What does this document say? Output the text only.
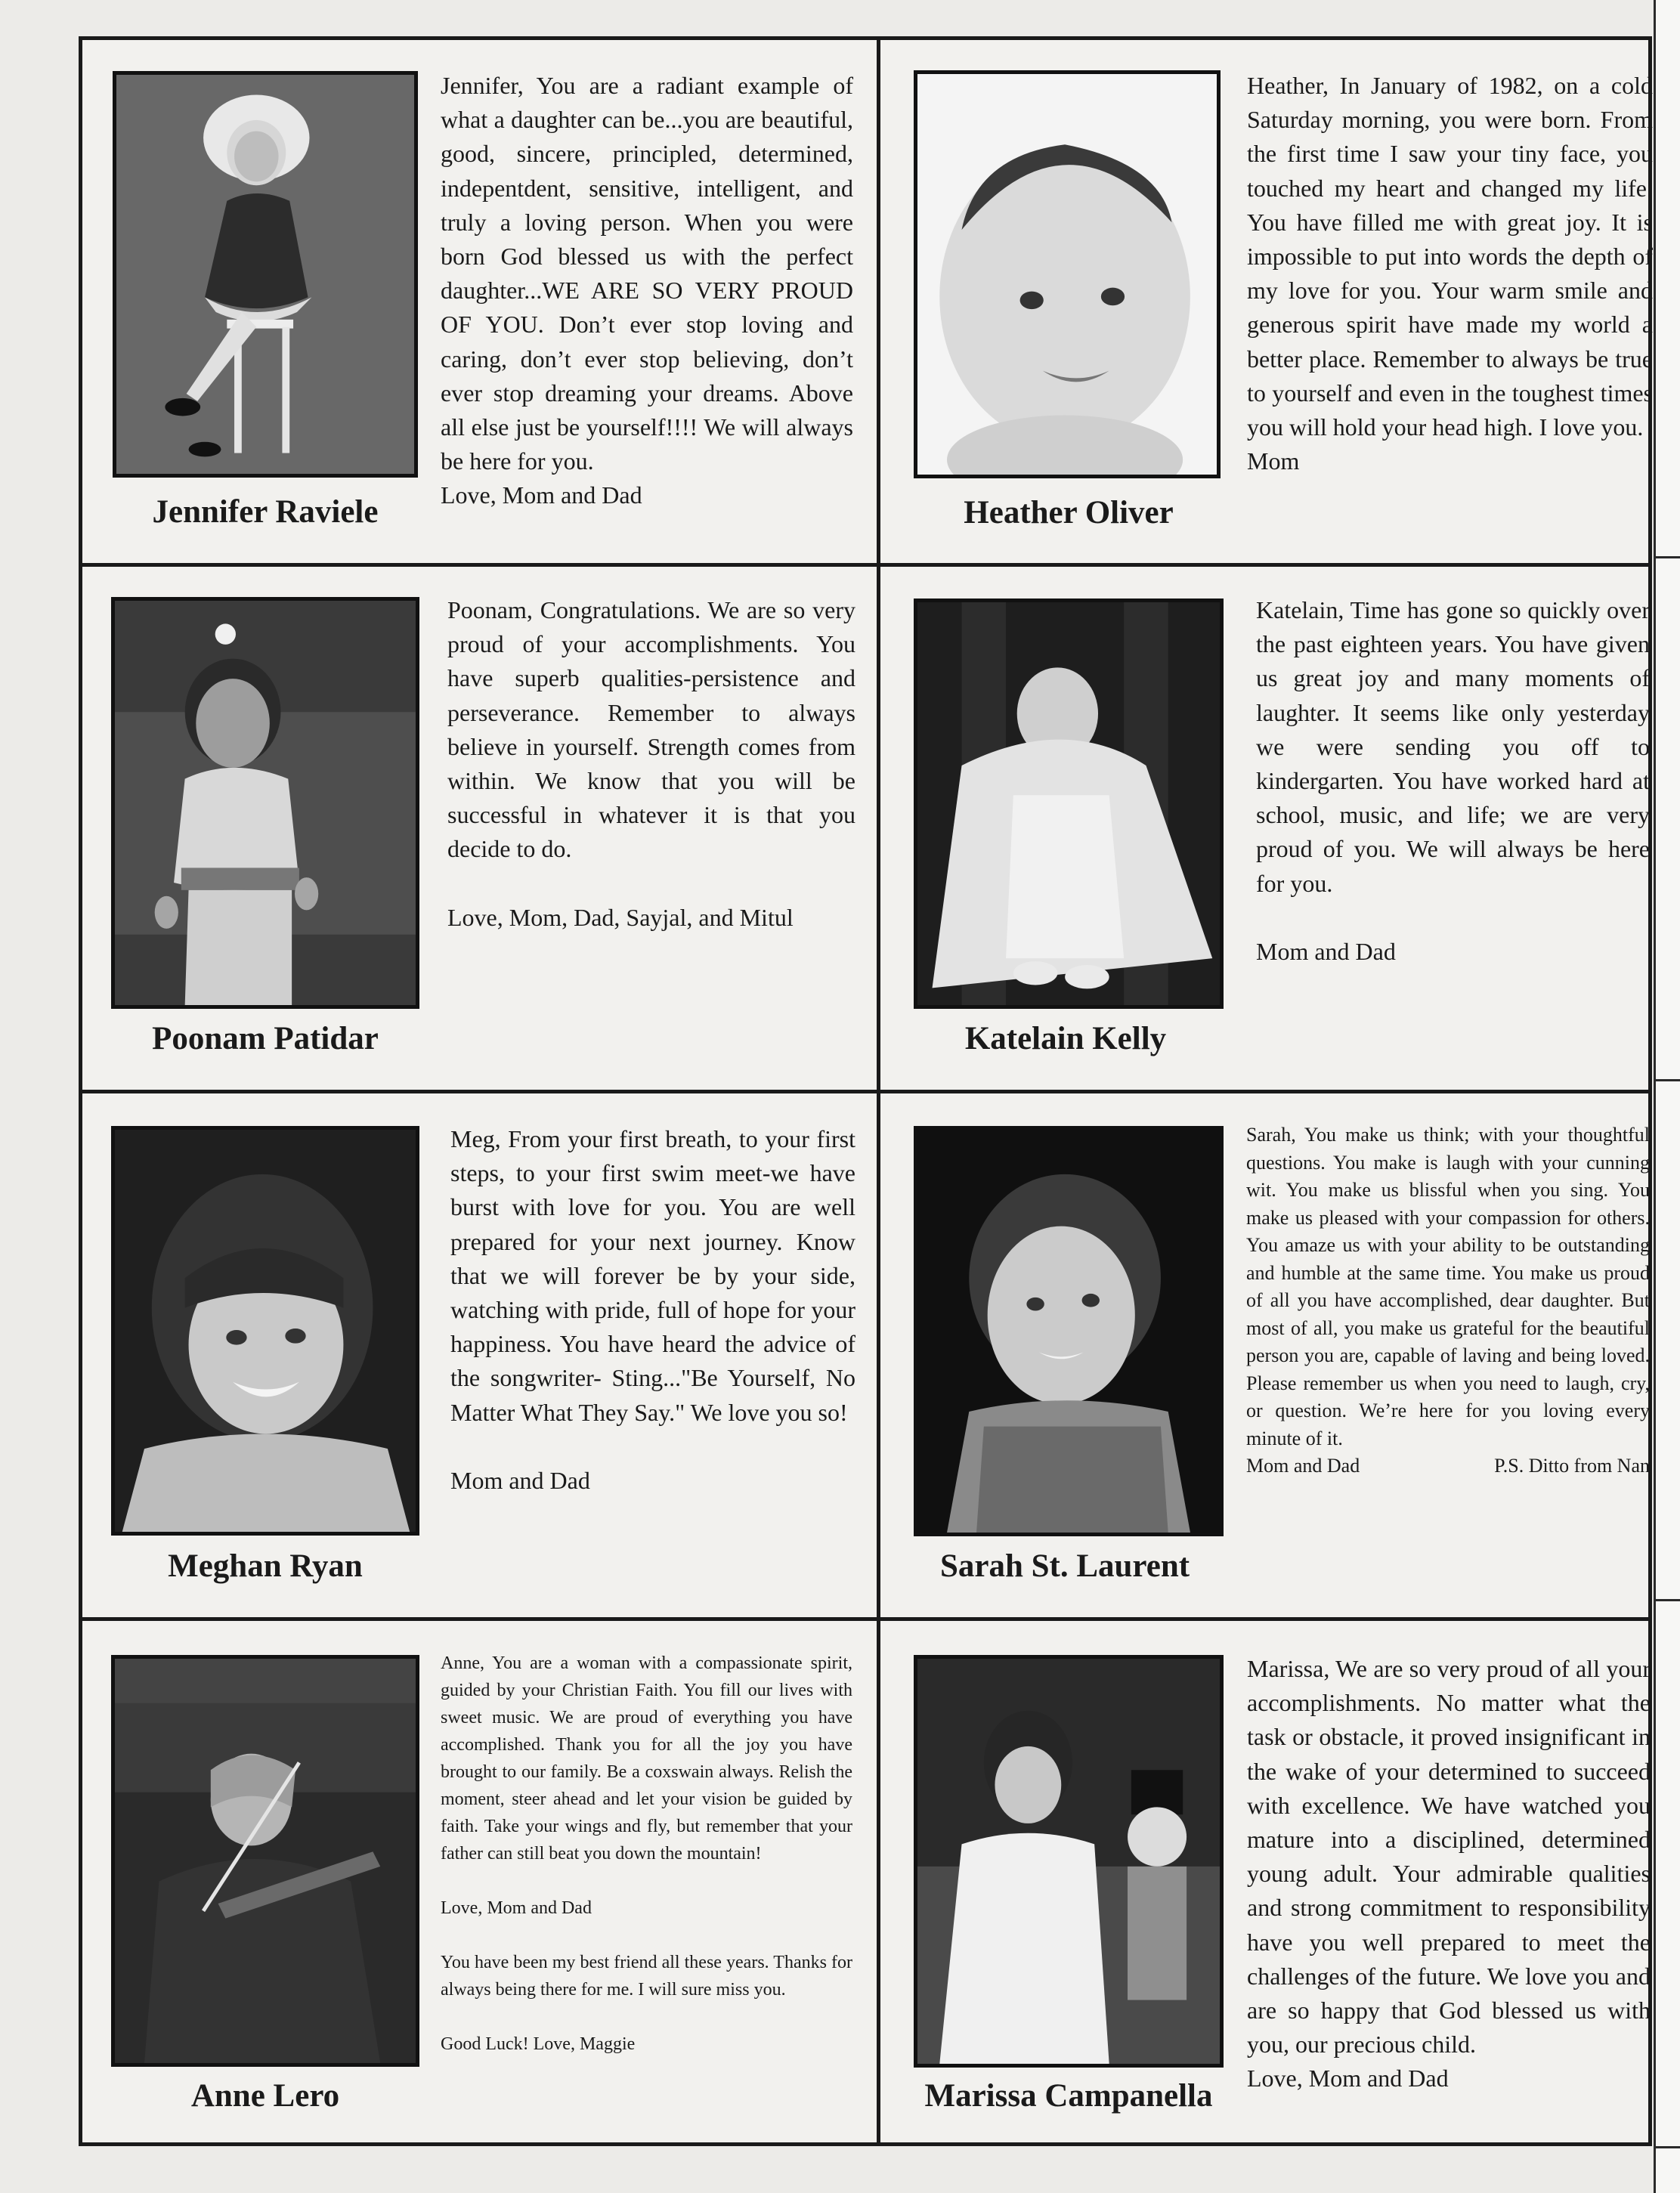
Jennifer Raviele

Jennifer, You are a radiant example of what a daughter can be...you are beautiful, good, sincere, principled, determined, indepentdent, sensitive, intelligent, and truly a loving person. When you were born God blessed us with the perfect daughter...WE ARE SO VERY PROUD OF YOU. Don’t ever stop loving and caring, don’t ever stop believing, don’t ever stop dreaming your dreams. Above all else just be yourself!!!! We will always be here for you.

Love, Mom and Dad	Heather Oliver

Heather, In January of 1982, on a cold Saturday morning, you were born. From the first time I saw your tiny face, you touched my heart and changed my life. You have filled me with great joy. It is impossible to put into words the depth of my love for you. Your warm smile and generous spirit have made my world a better place. Remember to always be true to yourself and even in the toughest times you will hold your head high. I love you.

Mom

Poonam Patidar

Poonam, Congratulations. We are so very proud of your accomplishments. You have superb qualities-persistence and perseverance. Remember to always believe in yourself. Strength comes from within. We know that you will be successful in whatever it is that you decide to do.

Love, Mom, Dad, Sayjal, and Mitul

Katelain Kelly

Katelain, Time has gone so quickly over the past eighteen years. You have given us great joy and many moments of laughter. It seems like only yesterday we were sending you off to kindergarten. You have worked hard at school, music, and life; we are very proud of you. We will always be here for you.

Mom and Dad

Meghan Ryan

Meg, From your first breath, to your first steps, to your first swim meet-we have burst with love for you. You are well prepared for your next journey. Know that we will forever be by your side, watching with pride, full of hope for your happiness. You have heard the advice of the songwriter- Sting..."Be Yourself, No Matter What They Say." We love you so!

Mom and Dad

Sarah St. Laurent

Sarah, You make us think; with your thoughtful questions. You make is laugh with your cunning wit. You make us blissful when you sing. You make us pleased with your compassion for others. You amaze us with your ability to be outstanding and humble at the same time. You make us proud of all you have accomplished, dear daughter. But most of all, you make us grateful for the beautiful person you are, capable of laving and being loved. Please remember us when you need to laugh, cry, or question. We’re here for you loving every minute of it.

Mom and Dad	P.S. Ditto from Nan
Anne Lero

Anne, You are a woman with a compassionate spirit, guided by your Christian Faith. You fill our lives with sweet music. We are proud of everything you have accomplished. Thank you for all the joy you have brought to our family. Be a coxswain always. Relish the moment, steer ahead and let your vision be guided by faith. Take your wings and fly, but remember that your father can still beat you down the mountain!

Love, Mom and Dad

You have been my best friend all these years. Thanks for always being there for me. I will sure miss you.

Good Luck! Love, Maggie

Marissa Campanella

Marissa, We are so very proud of all your accomplishments. No matter what the task or obstacle, it proved insignificant in the wake of your determined to succeed with excellence. We have watched you mature into a disciplined, determined young adult. Your admirable qualities and strong commitment to responsibility have you well prepared to meet the challenges of the future. We love you and are so happy that God blessed us with you, our precious child.

Love, Mom and Dad
